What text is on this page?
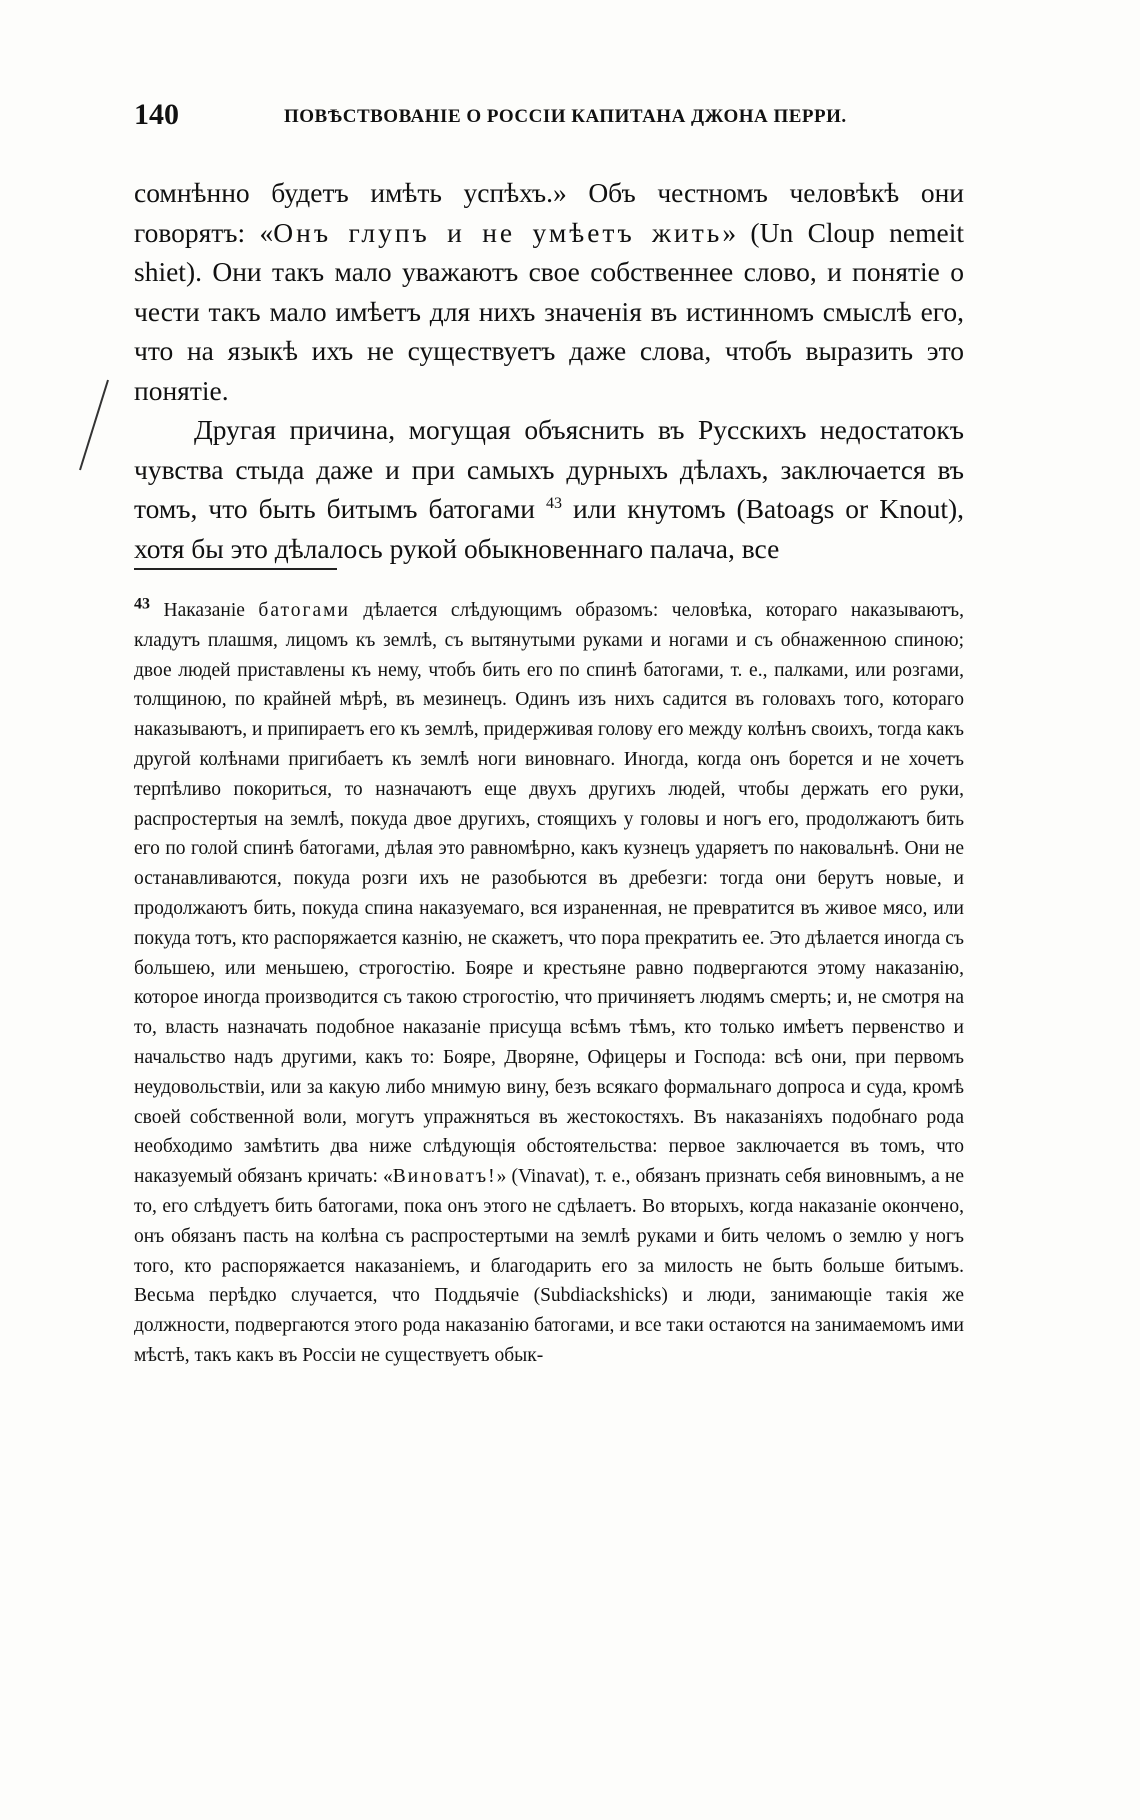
140	ПОВѢСТВОВАНІЕ О РОССІИ КАПИТАНА ДЖОНА ПЕРРИ.

сомнѣнно будетъ имѣть успѣхъ.» Объ честномъ человѣкѣ они говорятъ: «Онъ глупъ и не умѣетъ жить» (Un Cloup nemeit shiet). Они такъ мало уважаютъ свое собственнее слово, и понятіе о чести такъ мало имѣетъ для нихъ значенія въ истинномъ смыслѣ его, что на языкѣ ихъ не существуетъ даже слова, чтобъ выразить это понятіе.

Другая причина, могущая объяснить въ Русскихъ недостатокъ чувства стыда даже и при самыхъ дурныхъ дѣлахъ, заключается въ томъ, что быть битымъ батогами $^{43}$ или кнутомъ (Batoags or Knout), хотя бы это дѣлалось рукой обыкновеннаго палача, все

$^{43}$ Наказаніе батогами дѣлается слѣдующимъ образомъ: человѣка, котораго наказываютъ, кладутъ плашмя, лицомъ къ землѣ, съ вытянутыми руками и ногами и съ обнаженною спиною; двое людей приставлены къ нему, чтобъ бить его по спинѣ батогами, т. е., палками, или розгами, толщиною, по крайней мѣрѣ, въ мезинецъ. Одинъ изъ нихъ садится въ головахъ того, котораго наказываютъ, и припираетъ его къ землѣ, придерживая голову его между колѣнъ своихъ, тогда какъ другой колѣнами пригибаетъ къ землѣ ноги виновнаго. Иногда, когда онъ борется и не хочетъ терпѣливо покориться, то назначаютъ еще двухъ другихъ людей, чтобы держать его руки, распростертыя на землѣ, покуда двое другихъ, стоящихъ у головы и ногъ его, продолжаютъ бить его по голой спинѣ батогами, дѣлая это равномѣрно, какъ кузнецъ ударяетъ по наковальнѣ. Они не останавливаются, покуда розги ихъ не разобьются въ дребезги: тогда они берутъ новые, и продолжаютъ бить, покуда спина наказуемаго, вся израненная, не превратится въ живое мясо, или покуда тотъ, кто распоряжается казнію, не скажетъ, что пора прекратить ее. Это дѣлается иногда съ большею, или меньшею, строгостію. Бояре и крестьяне равно подвергаются этому наказанію, которое иногда производится съ такою строгостію, что причиняетъ людямъ смерть; и, не смотря на то, власть назначать подобное наказаніе присуща всѣмъ тѣмъ, кто только имѣетъ первенство и начальство надъ другими, какъ то: Бояре, Дворяне, Офицеры и Господа: всѣ они, при первомъ неудовольствіи, или за какую либо мнимую вину, безъ всякаго формальнаго допроса и суда, кромѣ своей собственной воли, могутъ упражняться въ жестокостяхъ. Въ наказаніяхъ подобнаго рода необходимо замѣтить два ниже слѣдующія обстоятельства: первое заключается въ томъ, что наказуемый обязанъ кричать: «Виноватъ!» (Vinavat), т. е., обязанъ признать себя виновнымъ, а не то, его слѣдуетъ бить батогами, пока онъ этого не сдѣлаетъ. Во вторыхъ, когда наказаніе окончено, онъ обязанъ пасть на колѣна съ распростертыми на землѣ руками и бить челомъ о землю у ногъ того, кто распоряжается наказаніемъ, и благодарить его за милость не быть больше битымъ. Весьма перѣдко случается, что Поддьячіе (Subdiackshicks) и люди, занимающіе такія же должности, подвергаются этого рода наказанію батогами, и все таки остаются на занимаемомъ ими мѣстѣ, такъ какъ въ Россіи не существуетъ обык-
